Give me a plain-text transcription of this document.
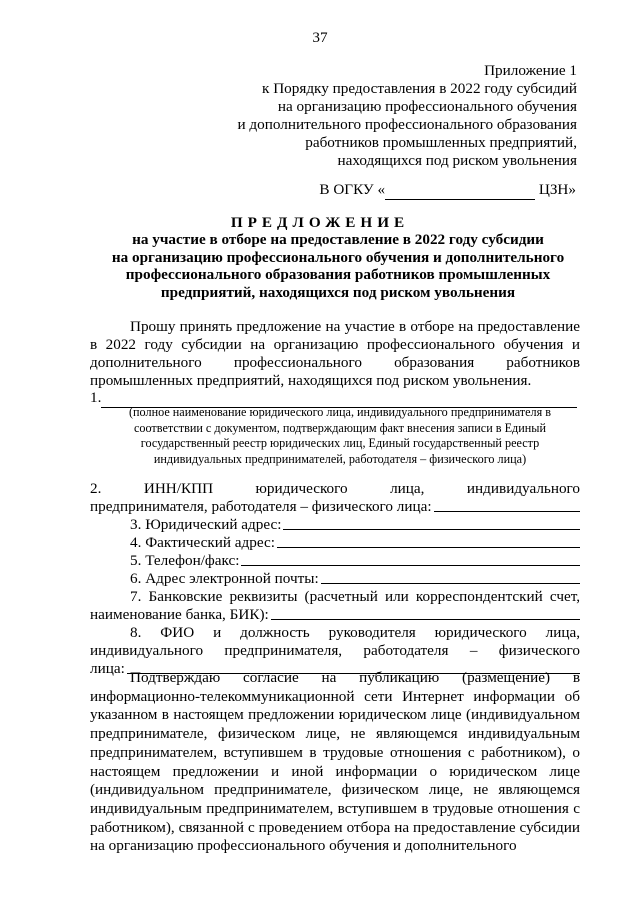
37
Приложение 1
к Порядку предоставления в 2022 году субсидий
на организацию профессионального обучения
и дополнительного профессионального образования
работников промышленных предприятий,
находящихся под риском увольнения
В ОГКУ «	ЦЗН»
ПРЕДЛОЖЕНИЕ
на участие в отборе на предоставление в 2022 году субсидии
на организацию профессионального обучения и дополнительного
профессионального образования работников промышленных
предприятий, находящихся под риском увольнения
Прошу принять предложение на участие в отборе на предоставление в 2022 году субсидии на организацию профессионального обучения и дополнительного профессионального образования работников промышленных предприятий, находящихся под риском увольнения.
1.
(полное наименование юридического лица, индивидуального предпринимателя в соответствии с документом, подтверждающим факт внесения записи в Единый государственный реестр юридических лиц, Единый государственный реестр индивидуальных предпринимателей, работодателя – физического лица)
2. ИНН/КПП юридического лица, индивидуального
предпринимателя, работодателя – физического лица:
3. Юридический адрес:
4. Фактический адрес:
5. Телефон/факс:
6. Адрес электронной почты:
7. Банковские реквизиты (расчетный или корреспондентский счет,
наименование банка, БИК):
8. ФИО и должность руководителя юридического лица,
индивидуального предпринимателя, работодателя – физического
лица:
Подтверждаю согласие на публикацию (размещение) в информационно-телекоммуникационной сети Интернет информации об указанном в настоящем предложении юридическом лице (индивидуальном предпринимателе, физическом лице, не являющемся индивидуальным предпринимателем, вступившем в трудовые отношения с работником), о настоящем предложении и иной информации о юридическом лице (индивидуальном предпринимателе, физическом лице, не являющемся индивидуальным предпринимателем, вступившем в трудовые отношения с работником), связанной с проведением отбора на предоставление субсидии на организацию профессионального обучения и дополнительного
